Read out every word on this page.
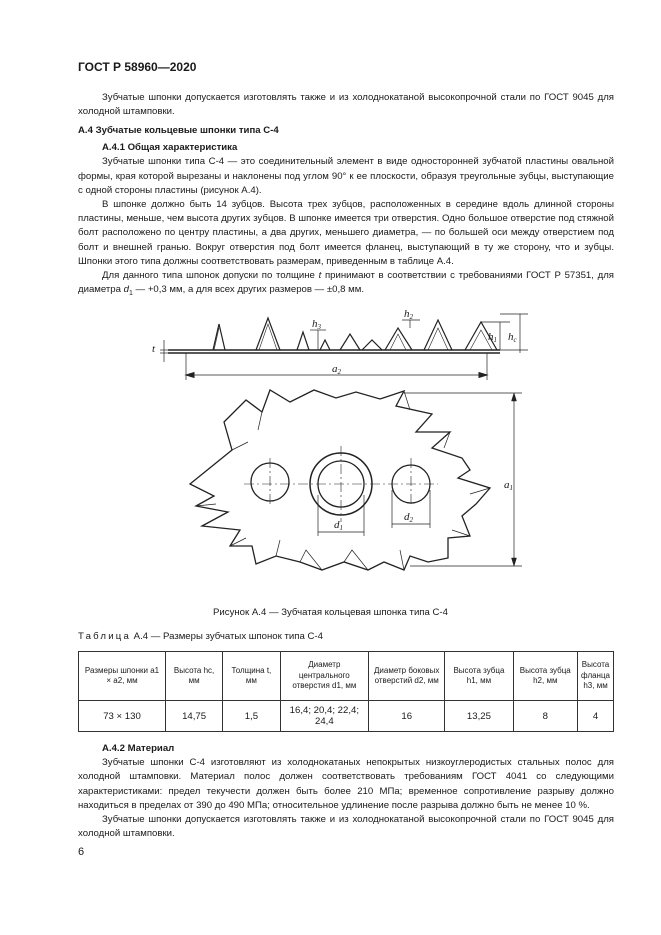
ГОСТ Р 58960—2020

Зубчатые шпонки допускается изготовлять также и из холоднокатаной высокопрочной стали по ГОСТ 9045 для холодной штамповки.

А.4 Зубчатые кольцевые шпонки типа С-4

А.4.1 Общая характеристика

Зубчатые шпонки типа С-4 — это соединительный элемент в виде односторонней зубчатой пластины овальной формы, края которой вырезаны и наклонены под углом 90° к ее плоскости, образуя треугольные зубцы, выступающие с одной стороны пластины (рисунок А.4).

В шпонке должно быть 14 зубцов. Высота трех зубцов, расположенных в середине вдоль длинной стороны пластины, меньше, чем высота других зубцов. В шпонке имеется три отверстия. Одно большое отверстие под стяжной болт расположено по центру пластины, а два других, меньшего диаметра, — по большей оси между отверстием под болт и внешней гранью. Вокруг отверстия под болт имеется фланец, выступающий в ту же сторону, что и зубцы. Шпонки этого типа должны соответствовать размерам, приведенным в таблице А.4.

Для данного типа шпонок допуски по толщине t принимают в соответствии с требованиями ГОСТ Р 57351, для диаметра $d_1$ — +0,3 мм, а для всех других размеров — ±0,8 мм.

t
h3
h2
h1 hс
a2
a1
d1
d2
Рисунок А.4 — Зубчатая кольцевая шпонка типа С-4
Таблица А.4 — Размеры зубчатых шпонок типа С-4
Размеры шпонки a1 × a2, мм	Высота hc, мм	Толщина t, мм	Диаметр центрального отверстия d1, мм	Диаметр боковых отверстий d2, мм	Высота зубца h1, мм	Высота зубца h2, мм	Высота фланца h3, мм
73 × 130	14,75	1,5	16,4; 20,4; 22,4; 24,4	16	13,25	8	4

А.4.2 Материал

Зубчатые шпонки С-4 изготовляют из холоднокатаных непокрытых низкоуглеродистых стальных полос для холодной штамповки. Материал полос должен соответствовать требованиям ГОСТ 4041 со следующими характеристиками: предел текучести должен быть более 210 МПа; временное сопротивление разрыву должно находиться в пределах от 390 до 490 МПа; относительное удлинение после разрыва должно быть не менее 10 %.

Зубчатые шпонки допускается изготовлять также и из холоднокатаной высокопрочной стали по ГОСТ 9045 для холодной штамповки.

6
